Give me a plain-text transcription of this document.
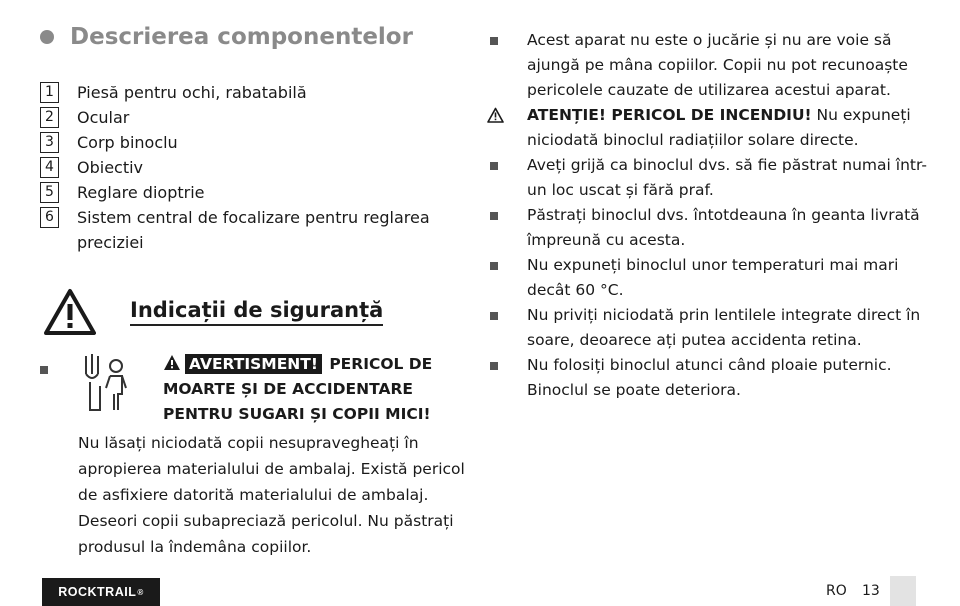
Descrierea componentelor
1	Piesă pentru ochi, rabatabilă
2	Ocular
3	Corp binoclu
4	Obiectiv
5	Reglare dioptrie
6	Sistem central de focalizare pentru reglarea preciziei
Indicații de siguranță
AVERTISMENT! PERICOL DE
MOARTE ȘI DE ACCIDENTARE
PENTRU SUGARI ȘI COPII MICI!
Nu lăsați niciodată copii nesupravegheați în apropierea materialului de ambalaj. Există pericol de asfixiere datorită materialului de ambalaj. Deseori copii subapreciază pericolul. Nu păstrați produsul la îndemâna copiilor.
Acest aparat nu este o jucărie și nu are voie să ajungă pe mâna copiilor. Copii nu pot recunoaște pericolele cauzate de utilizarea acestui aparat.
ATENȚIE! PERICOL DE INCENDIU! Nu expuneți niciodată binoclul radiațiilor solare directe.
Aveți grijă ca binoclul dvs. să fie păstrat numai într-un loc uscat și fără praf.
Păstrați binoclul dvs. întotdeauna în geanta livrată împreună cu acesta.
Nu expuneți binoclul unor temperaturi mai mari decât 60 °C.
Nu priviți niciodată prin lentilele integrate direct în soare, deoarece ați putea accidenta retina.
Nu folosiți binoclul atunci când ploaie puternic. Binoclul se poate deteriora.
ROCKTRAIL ®	RO 13
